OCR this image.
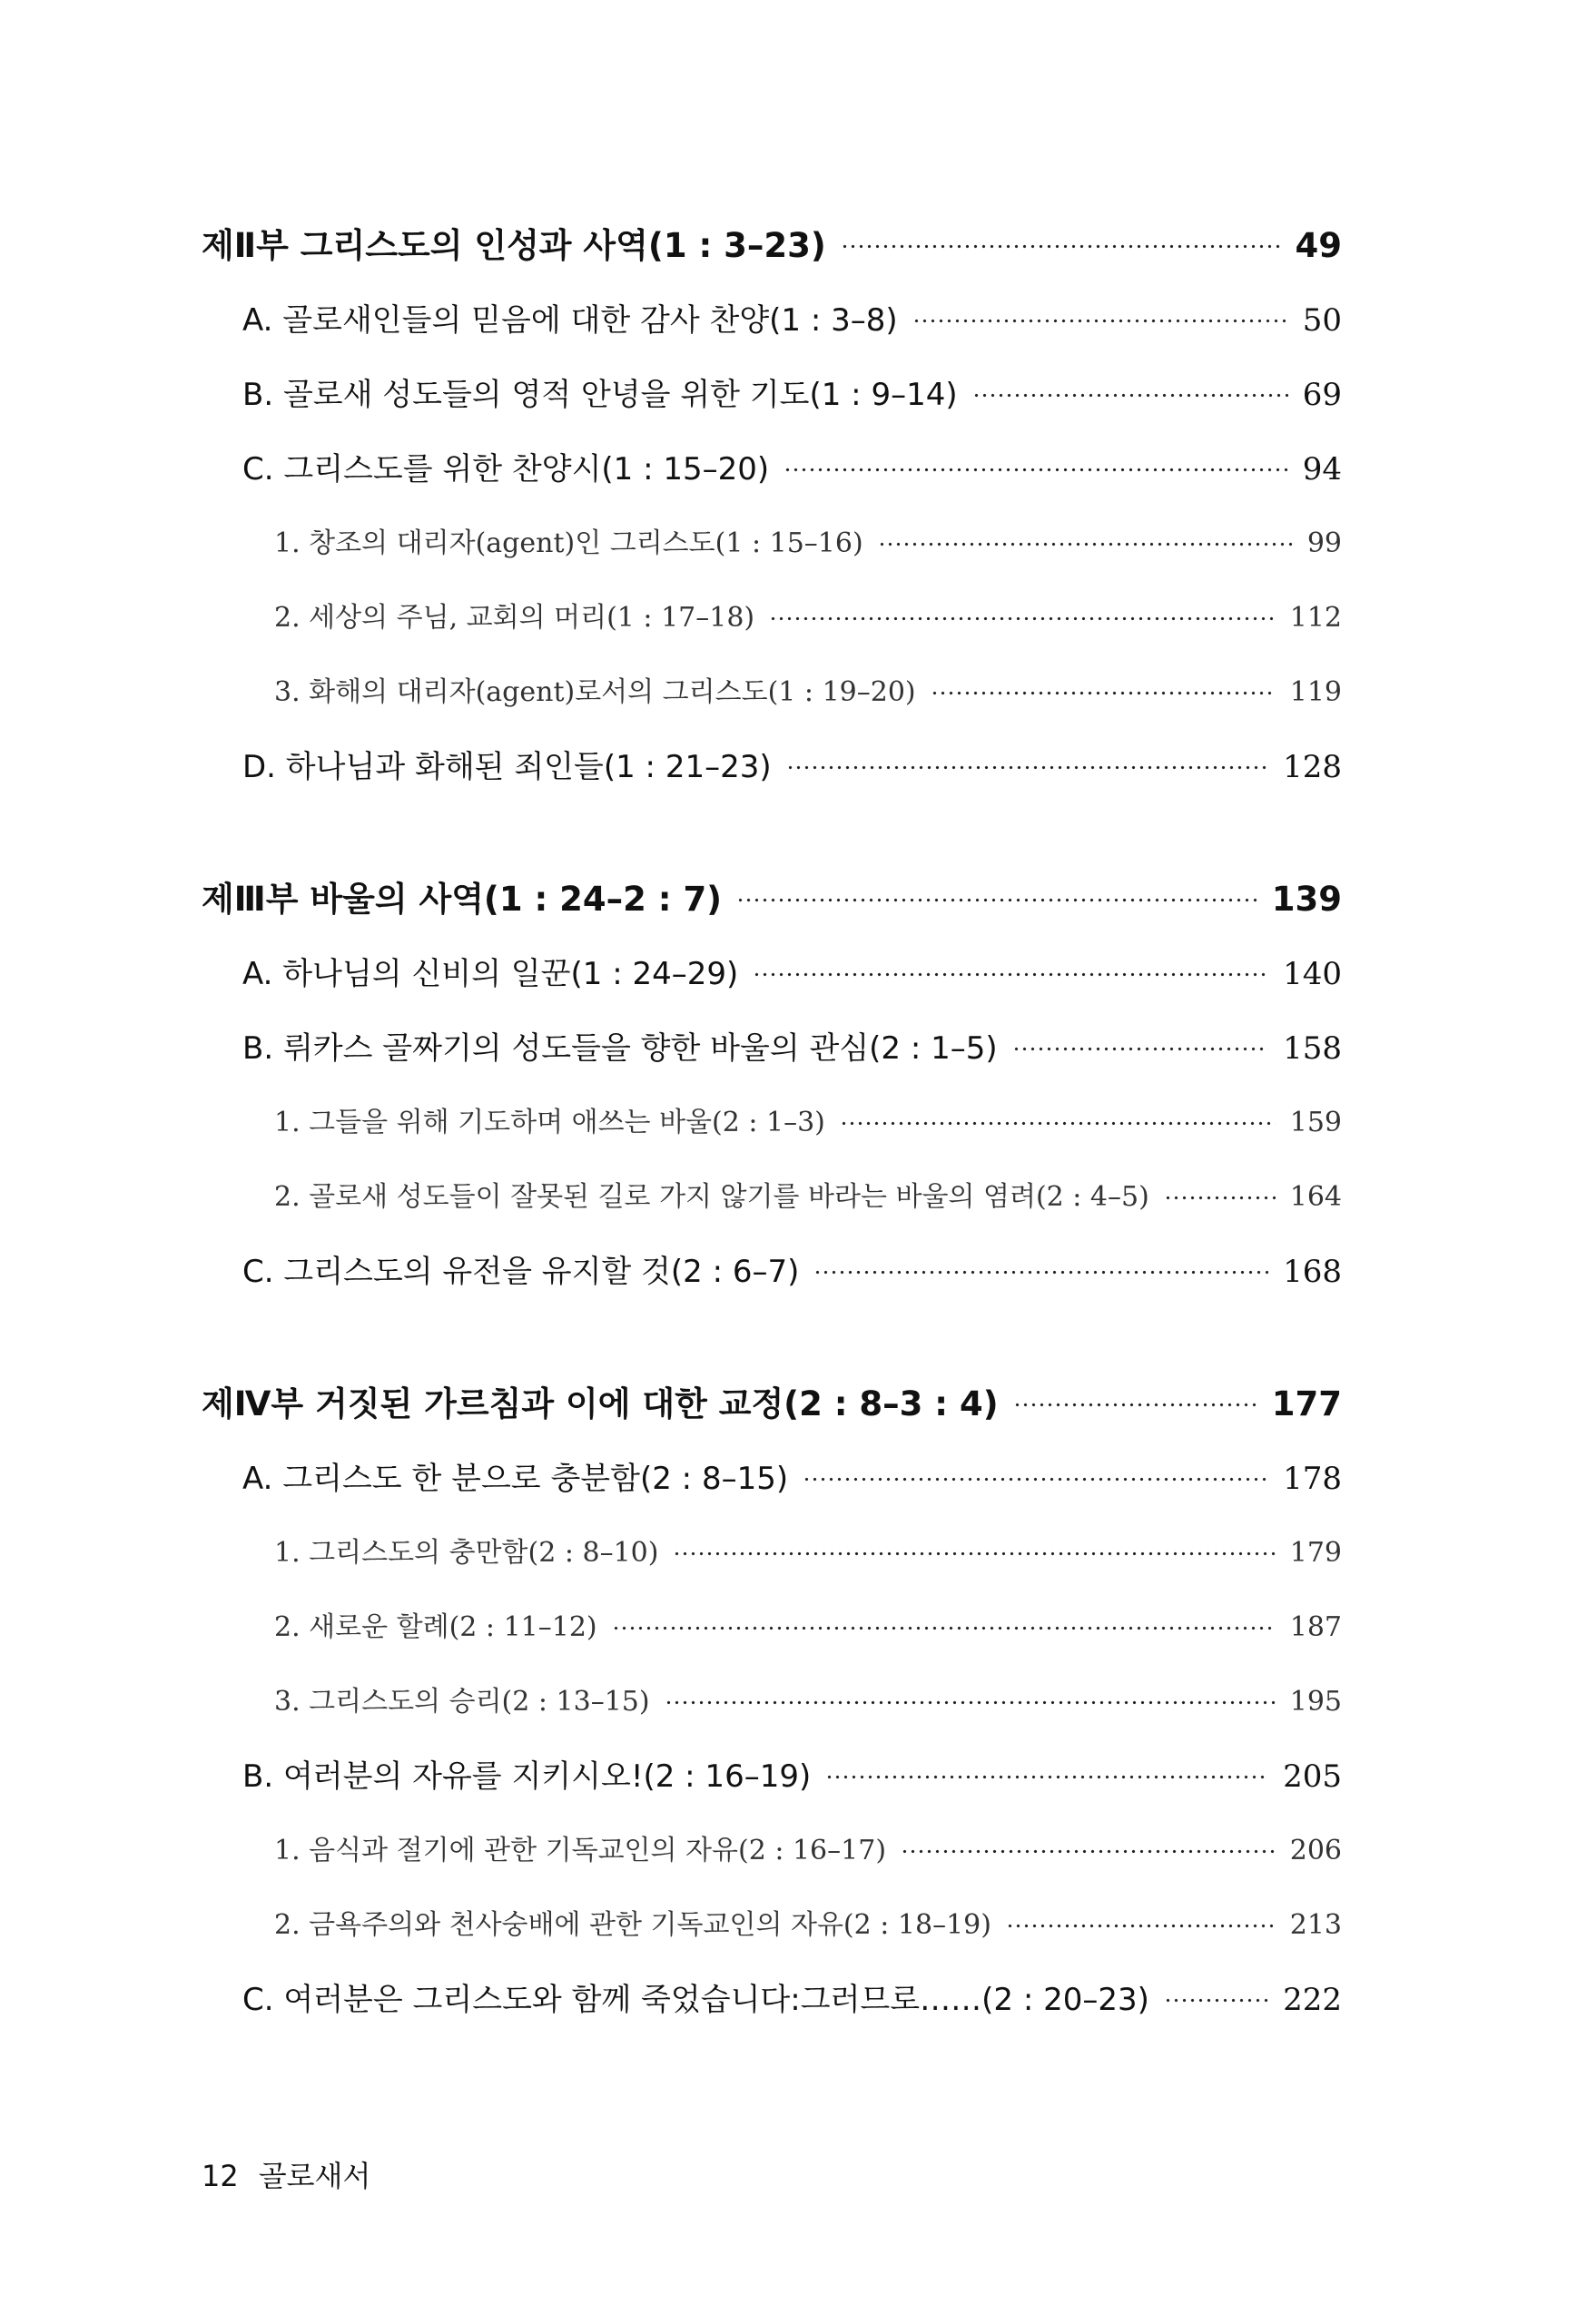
제Ⅱ부 그리스도의 인성과 사역(1 : 3–23)	49
A. 골로새인들의 믿음에 대한 감사 찬양(1 : 3–8)	50
B. 골로새 성도들의 영적 안녕을 위한 기도(1 : 9–14)	69
C. 그리스도를 위한 찬양시(1 : 15–20)	94
1. 창조의 대리자(agent)인 그리스도(1 : 15–16)	99
2. 세상의 주님, 교회의 머리(1 : 17–18)	112
3. 화해의 대리자(agent)로서의 그리스도(1 : 19–20)	119
D. 하나님과 화해된 죄인들(1 : 21–23)	128
제Ⅲ부 바울의 사역(1 : 24–2 : 7)	139
A. 하나님의 신비의 일꾼(1 : 24–29)	140
B. 뤼카스 골짜기의 성도들을 향한 바울의 관심(2 : 1–5)	158
1. 그들을 위해 기도하며 애쓰는 바울(2 : 1–3)	159
2. 골로새 성도들이 잘못된 길로 가지 않기를 바라는 바울의 염려(2 : 4–5)	164
C. 그리스도의 유전을 유지할 것(2 : 6–7)	168
제Ⅳ부 거짓된 가르침과 이에 대한 교정(2 : 8–3 : 4)	177
A. 그리스도 한 분으로 충분함(2 : 8–15)	178
1. 그리스도의 충만함(2 : 8–10)	179
2. 새로운 할례(2 : 11–12)	187
3. 그리스도의 승리(2 : 13–15)	195
B. 여러분의 자유를 지키시오!(2 : 16–19)	205
1. 음식과 절기에 관한 기독교인의 자유(2 : 16–17)	206
2. 금욕주의와 천사숭배에 관한 기독교인의 자유(2 : 18–19)	213
C. 여러분은 그리스도와 함께 죽었습니다:그러므로……(2 : 20–23)	222
12 골로새서
